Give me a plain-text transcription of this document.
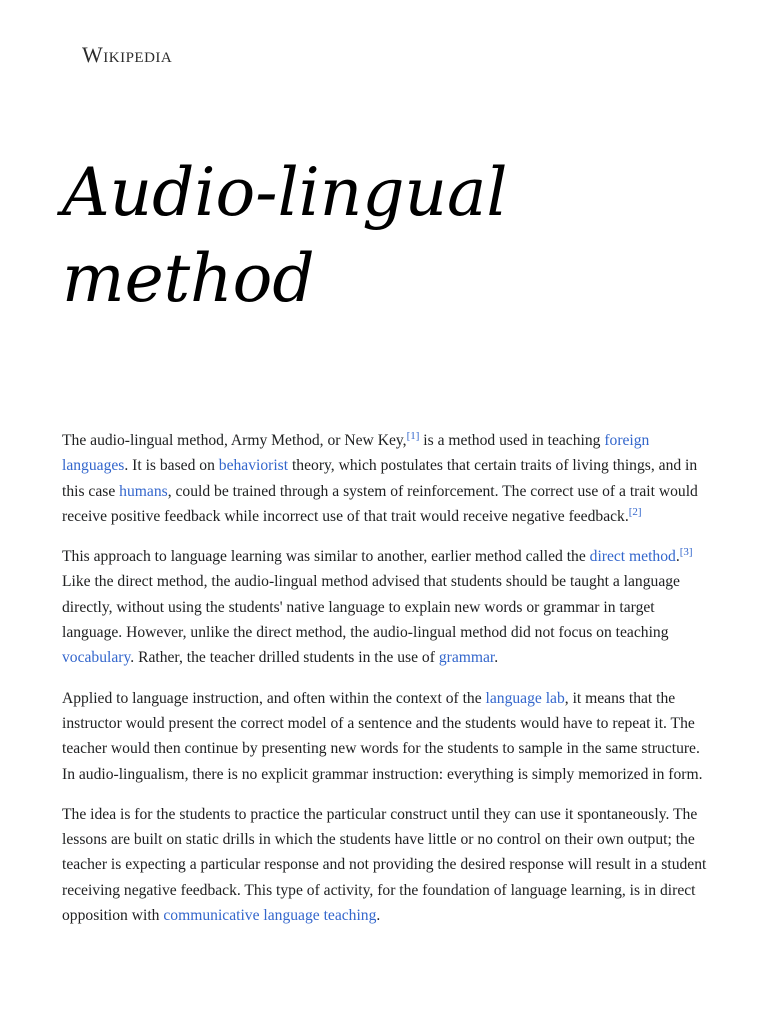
Wikipedia
Audio-lingual method

The audio-lingual method, Army Method, or New Key,[1] is a method used in teaching foreign languages. It is based on behaviorist theory, which postulates that certain traits of living things, and in this case humans, could be trained through a system of reinforcement. The correct use of a trait would receive positive feedback while incorrect use of that trait would receive negative feedback.[2]

This approach to language learning was similar to another, earlier method called the direct method.[3] Like the direct method, the audio-lingual method advised that students should be taught a language directly, without using the students' native language to explain new words or grammar in target language. However, unlike the direct method, the audio-lingual method did not focus on teaching vocabulary. Rather, the teacher drilled students in the use of grammar.

Applied to language instruction, and often within the context of the language lab, it means that the instructor would present the correct model of a sentence and the students would have to repeat it. The teacher would then continue by presenting new words for the students to sample in the same structure. In audio-lingualism, there is no explicit grammar instruction: everything is simply memorized in form.

The idea is for the students to practice the particular construct until they can use it spontaneously. The lessons are built on static drills in which the students have little or no control on their own output; the teacher is expecting a particular response and not providing the desired response will result in a student receiving negative feedback. This type of activity, for the foundation of language learning, is in direct opposition with communicative language teaching.
